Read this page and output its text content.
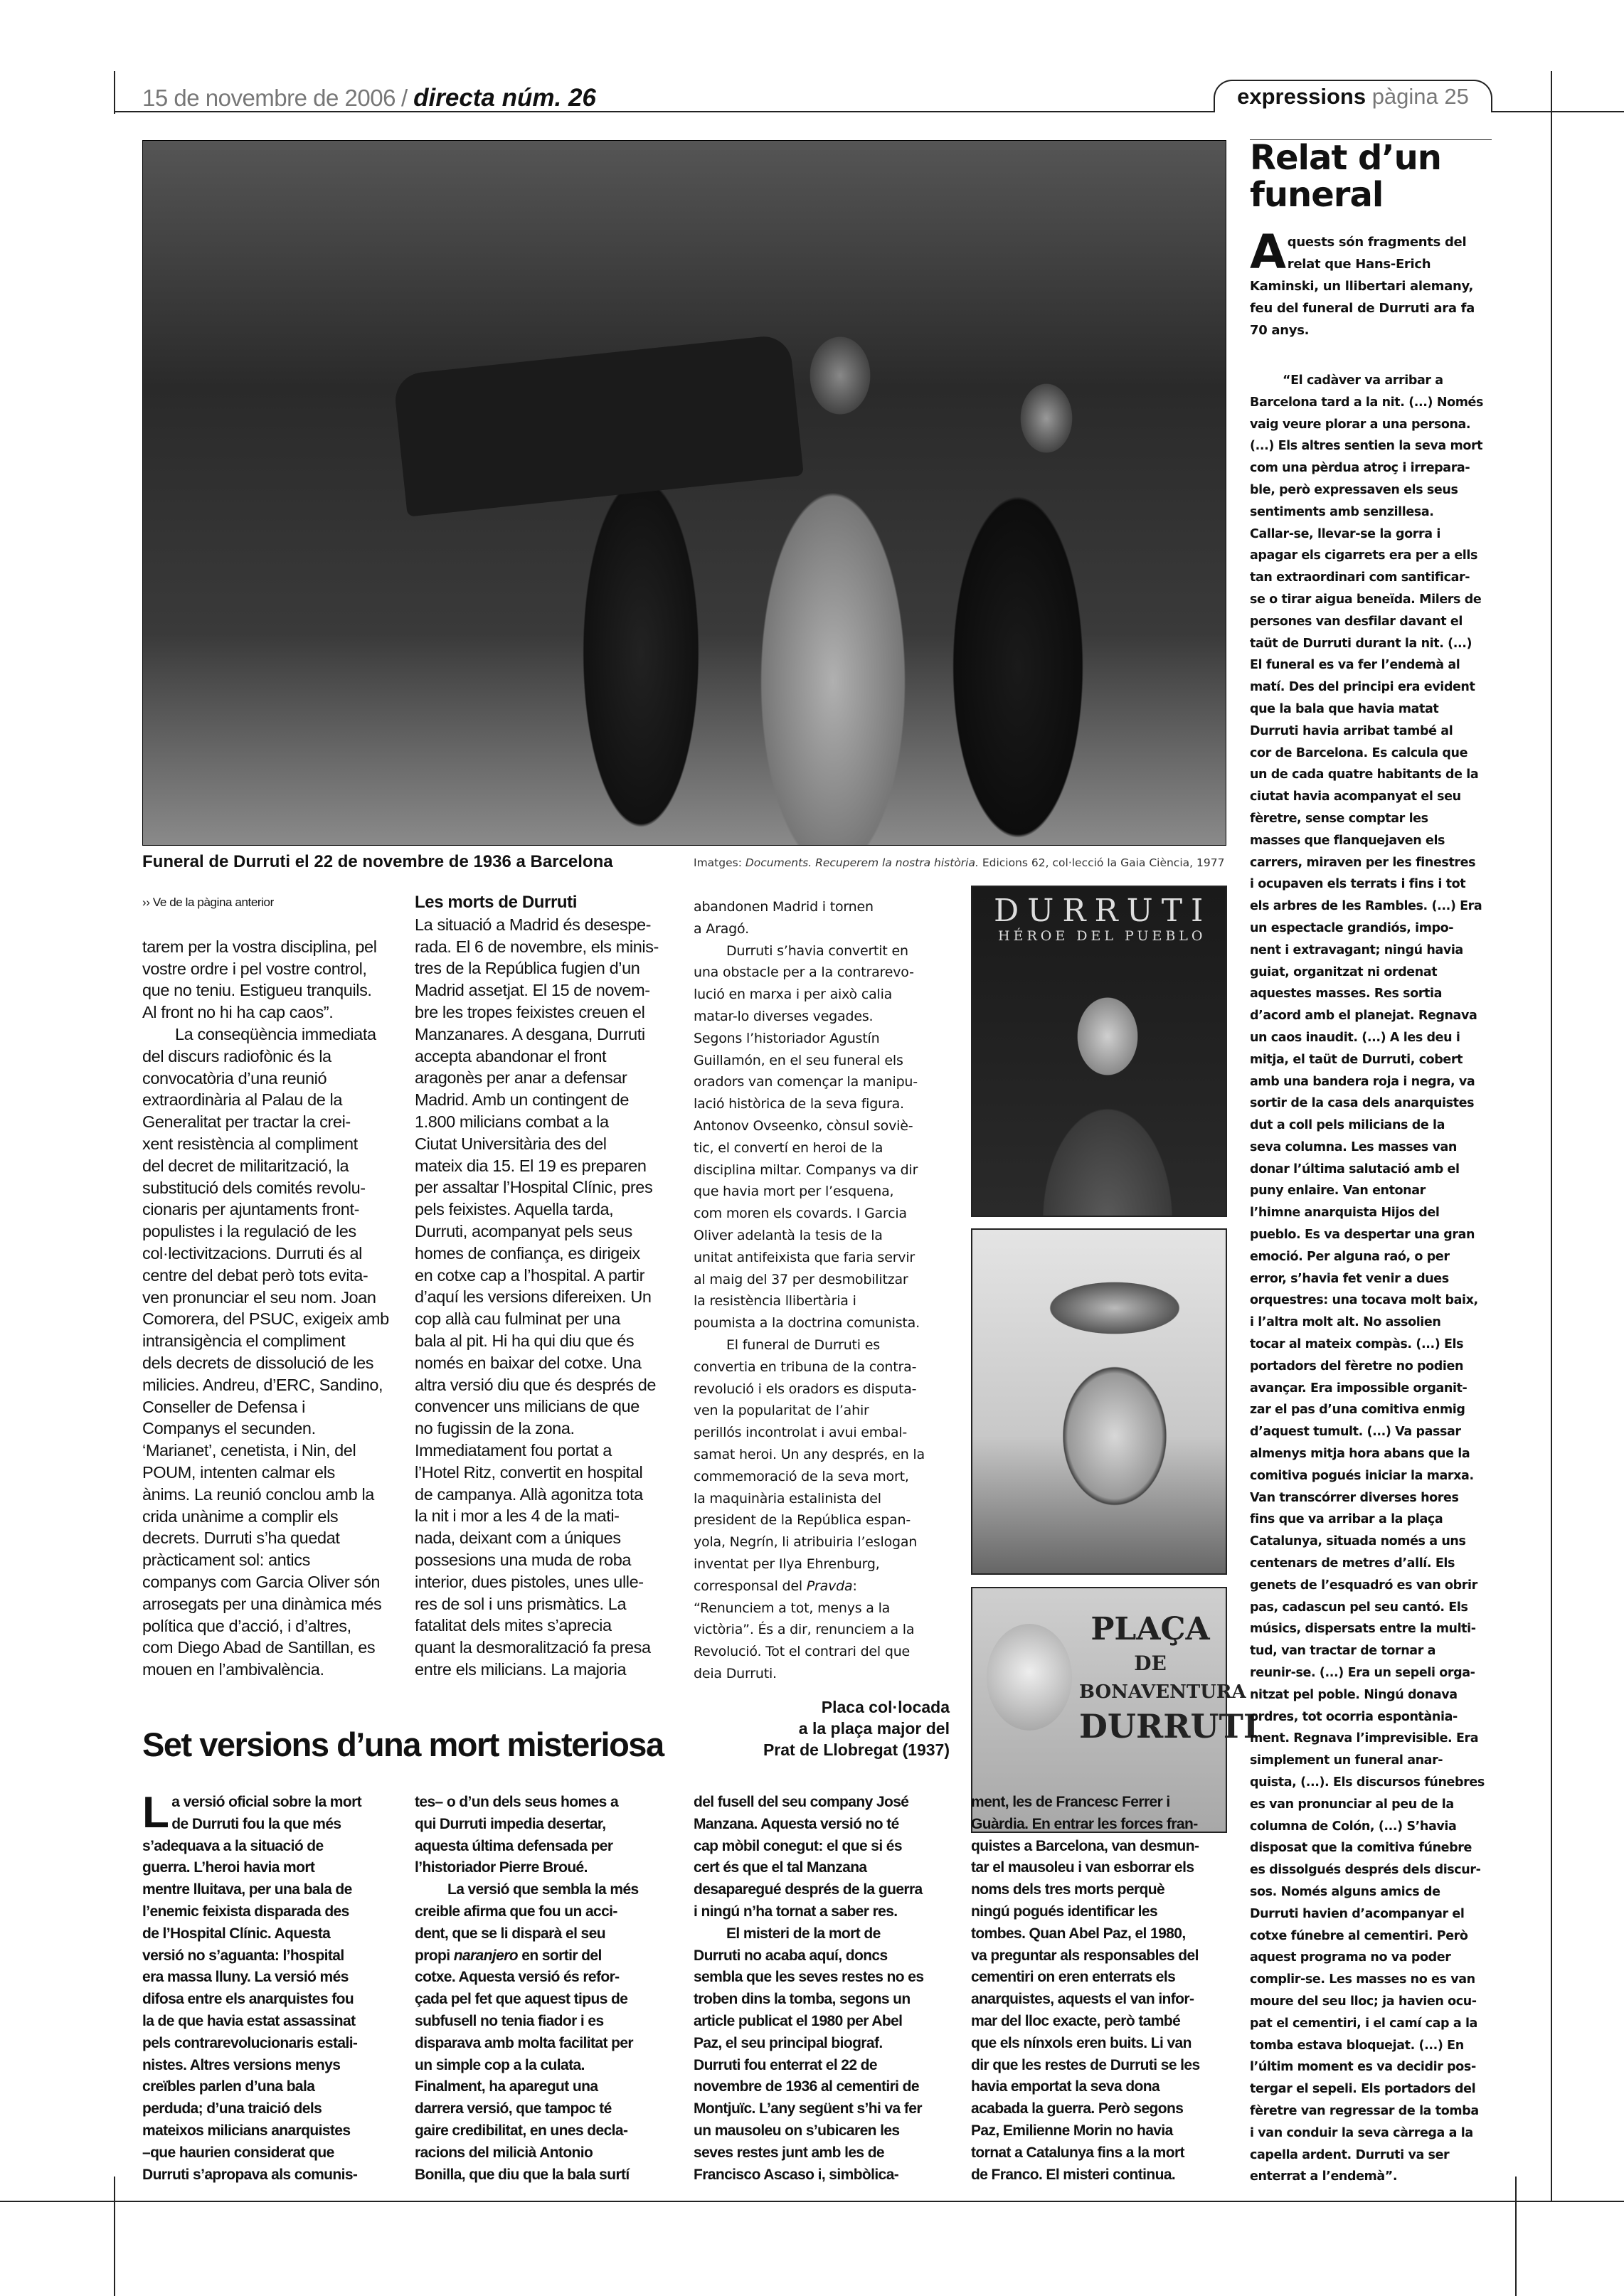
15 de novembre de 2006 / directa núm. 26	expressions pàgina 25
Funeral de Durruti el 22 de novembre de 1936 a Barcelona	Imatges: Documents. Recuperem la nostra història. Edicions 62, col·lecció la Gaia Ciència, 1977
›› Ve de la pàgina anterior
tarem per la vostra disciplina, pel
vostre ordre i pel vostre control,
que no teniu. Estigueu tranquils.
Al front no hi ha cap caos”.
La conseqüència immediata
del discurs radiofònic és la
convocatòria d’una reunió
extraordinària al Palau de la
Generalitat per tractar la crei-
xent resistència al compliment
del decret de militarització, la
substitució dels comités revolu-
cionaris per ajuntaments front-
populistes i la regulació de les
col·lectivitzacions. Durruti és al
centre del debat però tots evita-
ven pronunciar el seu nom. Joan
Comorera, del PSUC, exigeix amb
intransigència el compliment
dels decrets de dissolució de les
milicies. Andreu, d’ERC, Sandino,
Conseller de Defensa i
Companys el secunden.
‘Marianet’, cenetista, i Nin, del
POUM, intenten calmar els
ànims. La reunió conclou amb la
crida unànime a complir els
decrets. Durruti s’ha quedat
pràcticament sol: antics
companys com Garcia Oliver són
arrosegats per una dinàmica més
política que d’acció, i d’altres,
com Diego Abad de Santillan, es
mouen en l’ambivalència.
Les morts de Durruti
La situació a Madrid és desespe-
rada. El 6 de novembre, els minis-
tres de la República fugien d’un
Madrid assetjat. El 15 de novem-
bre les tropes feixistes creuen el
Manzanares. A desgana, Durruti
accepta abandonar el front
aragonès per anar a defensar
Madrid. Amb un contingent de
1.800 milicians combat a la
Ciutat Universitària des del
mateix dia 15. El 19 es preparen
per assaltar l’Hospital Clínic, pres
pels feixistes. Aquella tarda,
Durruti, acompanyat pels seus
homes de confiança, es dirigeix
en cotxe cap a l’hospital. A partir
d’aquí les versions difereixen. Un
cop allà cau fulminat per una
bala al pit. Hi ha qui diu que és
només en baixar del cotxe. Una
altra versió diu que és després de
convencer uns milicians de que
no fugissin de la zona.
Immediatament fou portat a
l’Hotel Ritz, convertit en hospital
de campanya. Allà agonitza tota
la nit i mor a les 4 de la mati-
nada, deixant com a úniques
possesions una muda de roba
interior, dues pistoles, unes ulle-
res de sol i uns prismàtics. La
fatalitat dels mites s’aprecia
quant la desmoralització fa presa
entre els milicians. La majoria
abandonen Madrid i tornen
a Aragó.
Durruti s’havia convertit en
una obstacle per a la contrarevo-
lució en marxa i per això calia
matar-lo diverses vegades.
Segons l’historiador Agustín
Guillamón, en el seu funeral els
oradors van començar la manipu-
lació històrica de la seva figura.
Antonov Ovseenko, cònsul soviè-
tic, el convertí en heroi de la
disciplina miltar. Companys va dir
que havia mort per l’esquena,
com moren els covards. I Garcia
Oliver adelantà la tesis de la
unitat antifeixista que faria servir
al maig del 37 per desmobilitzar
la resistència llibertària i
poumista a la doctrina comunista.
El funeral de Durruti es
convertia en tribuna de la contra-
revolució i els oradors es disputa-
ven la popularitat de l’ahir
perillós incontrolat i avui embal-
samat heroi. Un any després, en la
commemoració de la seva mort,
la maquinària estalinista del
president de la República espan-
yola, Negrín, li atribuiria l’eslogan
inventat per Ilya Ehrenburg,
corresponsal del Pravda:
“Renunciem a tot, menys a la
victòria”. És a dir, renunciem a la
Revolució. Tot el contrari del que
deia Durruti.
DURRUTI
HÉROE DEL PUEBLO
PLAÇA
DE
BONAVENTURA
DURRUTI
Placa col·locada
a la plaça major del
Prat de Llobregat (1937)
Relat d’un
funeral
A quests són fragments del
relat que Hans-Erich
Kaminski, un llibertari alemany,
feu del funeral de Durruti ara fa
70 anys.
“El cadàver va arribar a
Barcelona tard a la nit. (...) Només
vaig veure plorar a una persona.
(...) Els altres sentien la seva mort
com una pèrdua atroç i irrepara-
ble, però expressaven els seus
sentiments amb senzillesa.
Callar-se, llevar-se la gorra i
apagar els cigarrets era per a ells
tan extraordinari com santificar-
se o tirar aigua beneïda. Milers de
persones van desfilar davant el
taüt de Durruti durant la nit. (...)
El funeral es va fer l’endemà al
matí. Des del principi era evident
que la bala que havia matat
Durruti havia arribat també al
cor de Barcelona. Es calcula que
un de cada quatre habitants de la
ciutat havia acompanyat el seu
fèretre, sense comptar les
masses que flanquejaven els
carrers, miraven per les finestres
i ocupaven els terrats i fins i tot
els arbres de les Rambles. (...) Era
un espectacle grandiós, impo-
nent i extravagant; ningú havia
guiat, organitzat ni ordenat
aquestes masses. Res sortia
d’acord amb el planejat. Regnava
un caos inaudit. (...) A les deu i
mitja, el taüt de Durruti, cobert
amb una bandera roja i negra, va
sortir de la casa dels anarquistes
dut a coll pels milicians de la
seva columna. Les masses van
donar l’última salutació amb el
puny enlaire. Van entonar
l’himne anarquista Hijos del
pueblo. Es va despertar una gran
emoció. Per alguna raó, o per
error, s’havia fet venir a dues
orquestres: una tocava molt baix,
i l’altra molt alt. No assolien
tocar al mateix compàs. (...) Els
portadors del fèretre no podien
avançar. Era impossible organit-
zar el pas d’una comitiva enmig
d’aquest tumult. (...) Va passar
almenys mitja hora abans que la
comitiva pogués iniciar la marxa.
Van transcórrer diverses hores
fins que va arribar a la plaça
Catalunya, situada només a uns
centenars de metres d’allí. Els
genets de l’esquadró es van obrir
pas, cadascun pel seu cantó. Els
músics, dispersats entre la multi-
tud, van tractar de tornar a
reunir-se. (...) Era un sepeli orga-
nitzat pel poble. Ningú donava
ordres, tot ocorria espontània-
ment. Regnava l’imprevisible. Era
simplement un funeral anar-
quista, (...). Els discursos fúnebres
es van pronunciar al peu de la
columna de Colón, (...) S’havia
disposat que la comitiva fúnebre
es dissolgués després dels discur-
sos. Només alguns amics de
Durruti havien d’acompanyar el
cotxe fúnebre al cementiri. Però
aquest programa no va poder
complir-se. Les masses no es van
moure del seu lloc; ja havien ocu-
pat el cementiri, i el camí cap a la
tomba estava bloquejat. (...) En
l’últim moment es va decidir pos-
tergar el sepeli. Els portadors del
fèretre van regressar de la tomba
i van conduir la seva càrrega a la
capella ardent. Durruti va ser
enterrat a l’endemà”.
Set versions d’una mort misteriosa
L a versió oficial sobre la mort
de Durruti fou la que més
s’adequava a la situació de
guerra. L’heroi havia mort
mentre lluitava, per una bala de
l’enemic feixista disparada des
de l’Hospital Clínic. Aquesta
versió no s’aguanta: l’hospital
era massa lluny. La versió més
difosa entre els anarquistes fou
la de que havia estat assassinat
pels contrarevolucionaris estali-
nistes. Altres versions menys
creïbles parlen d’una bala
perduda; d’una traició dels
mateixos milicians anarquistes
–que haurien considerat que
Durruti s’apropava als comunis-
tes– o d’un dels seus homes a
qui Durruti impedia desertar,
aquesta última defensada per
l’historiador Pierre Broué.
La versió que sembla la més
creible afirma que fou un acci-
dent, que se li disparà el seu
propi naranjero en sortir del
cotxe. Aquesta versió és refor-
çada pel fet que aquest tipus de
subfusell no tenia fiador i es
disparava amb molta facilitat per
un simple cop a la culata.
Finalment, ha aparegut una
darrera versió, que tampoc té
gaire credibilitat, en unes decla-
racions del milicià Antonio
Bonilla, que diu que la bala surtí
del fusell del seu company José
Manzana. Aquesta versió no té
cap mòbil conegut: el que si és
cert és que el tal Manzana
desaparegué després de la guerra
i ningú n’ha tornat a saber res.
El misteri de la mort de
Durruti no acaba aquí, doncs
sembla que les seves restes no es
troben dins la tomba, segons un
article publicat el 1980 per Abel
Paz, el seu principal biograf.
Durruti fou enterrat el 22 de
novembre de 1936 al cementiri de
Montjuïc. L’any següent s’hi va fer
un mausoleu on s’ubicaren les
seves restes junt amb les de
Francisco Ascaso i, simbòlica-
ment, les de Francesc Ferrer i
Guàrdia. En entrar les forces fran-
quistes a Barcelona, van desmun-
tar el mausoleu i van esborrar els
noms dels tres morts perquè
ningú pogués identificar les
tombes. Quan Abel Paz, el 1980,
va preguntar als responsables del
cementiri on eren enterrats els
anarquistes, aquests el van infor-
mar del lloc exacte, però també
que els nínxols eren buits. Li van
dir que les restes de Durruti se les
havia emportat la seva dona
acabada la guerra. Però segons
Paz, Emilienne Morin no havia
tornat a Catalunya fins a la mort
de Franco. El misteri continua.
